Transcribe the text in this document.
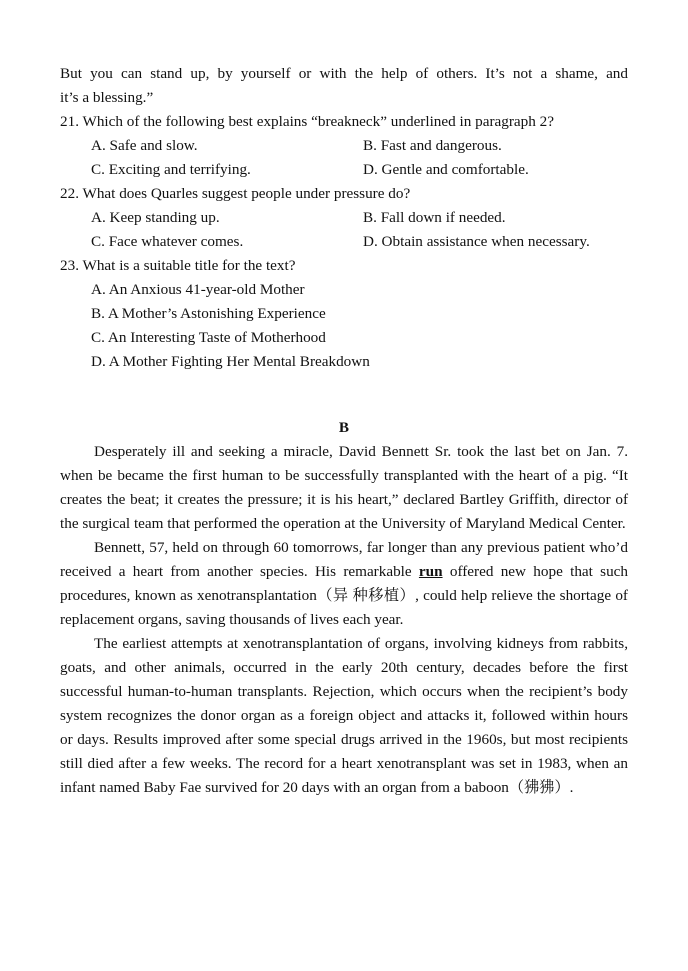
But you can stand up, by yourself or with the help of others. It’s not a shame, and
it’s a blessing.”
21. Which of the following best explains “breakneck” underlined in paragraph 2?
A. Safe and slow.	B. Fast and dangerous.
C. Exciting and terrifying.	D. Gentle and comfortable.
22. What does Quarles suggest people under pressure do?
A. Keep standing up.	B. Fall down if needed.
C. Face whatever comes.	D. Obtain assistance when necessary.
23. What is a suitable title for the text?
A. An Anxious 41-year-old Mother
B. A Mother’s Astonishing Experience
C. An Interesting Taste of Motherhood
D. A Mother Fighting Her Mental Breakdown
B
Desperately ill and seeking a miracle, David Bennett Sr. took the last bet on Jan. 7. when be became the first human to be successfully transplanted with the heart of a pig. “It creates the beat; it creates the pressure; it is his heart,” declared Bartley Griffith, director of the surgical team that performed the operation at the University of Maryland Medical Center.
Bennett, 57, held on through 60 tomorrows, far longer than any previous patient who’d received a heart from another species. His remarkable run offered new hope that such procedures, known as xenotransplantation（异 种移植）, could help relieve the shortage of replacement organs, saving thousands of lives each year.
The earliest attempts at xenotransplantation of organs, involving kidneys from rabbits, goats, and other animals, occurred in the early 20th century, decades before the first successful human-to-human transplants. Rejection, which occurs when the recipient’s body system recognizes the donor organ as a foreign object and attacks it, followed within hours or days. Results improved after some special drugs arrived in the 1960s, but most recipients still died after a few weeks. The record for a heart xenotransplant was set in 1983, when an infant named Baby Fae survived for 20 days with an organ from a baboon（狒狒）.
